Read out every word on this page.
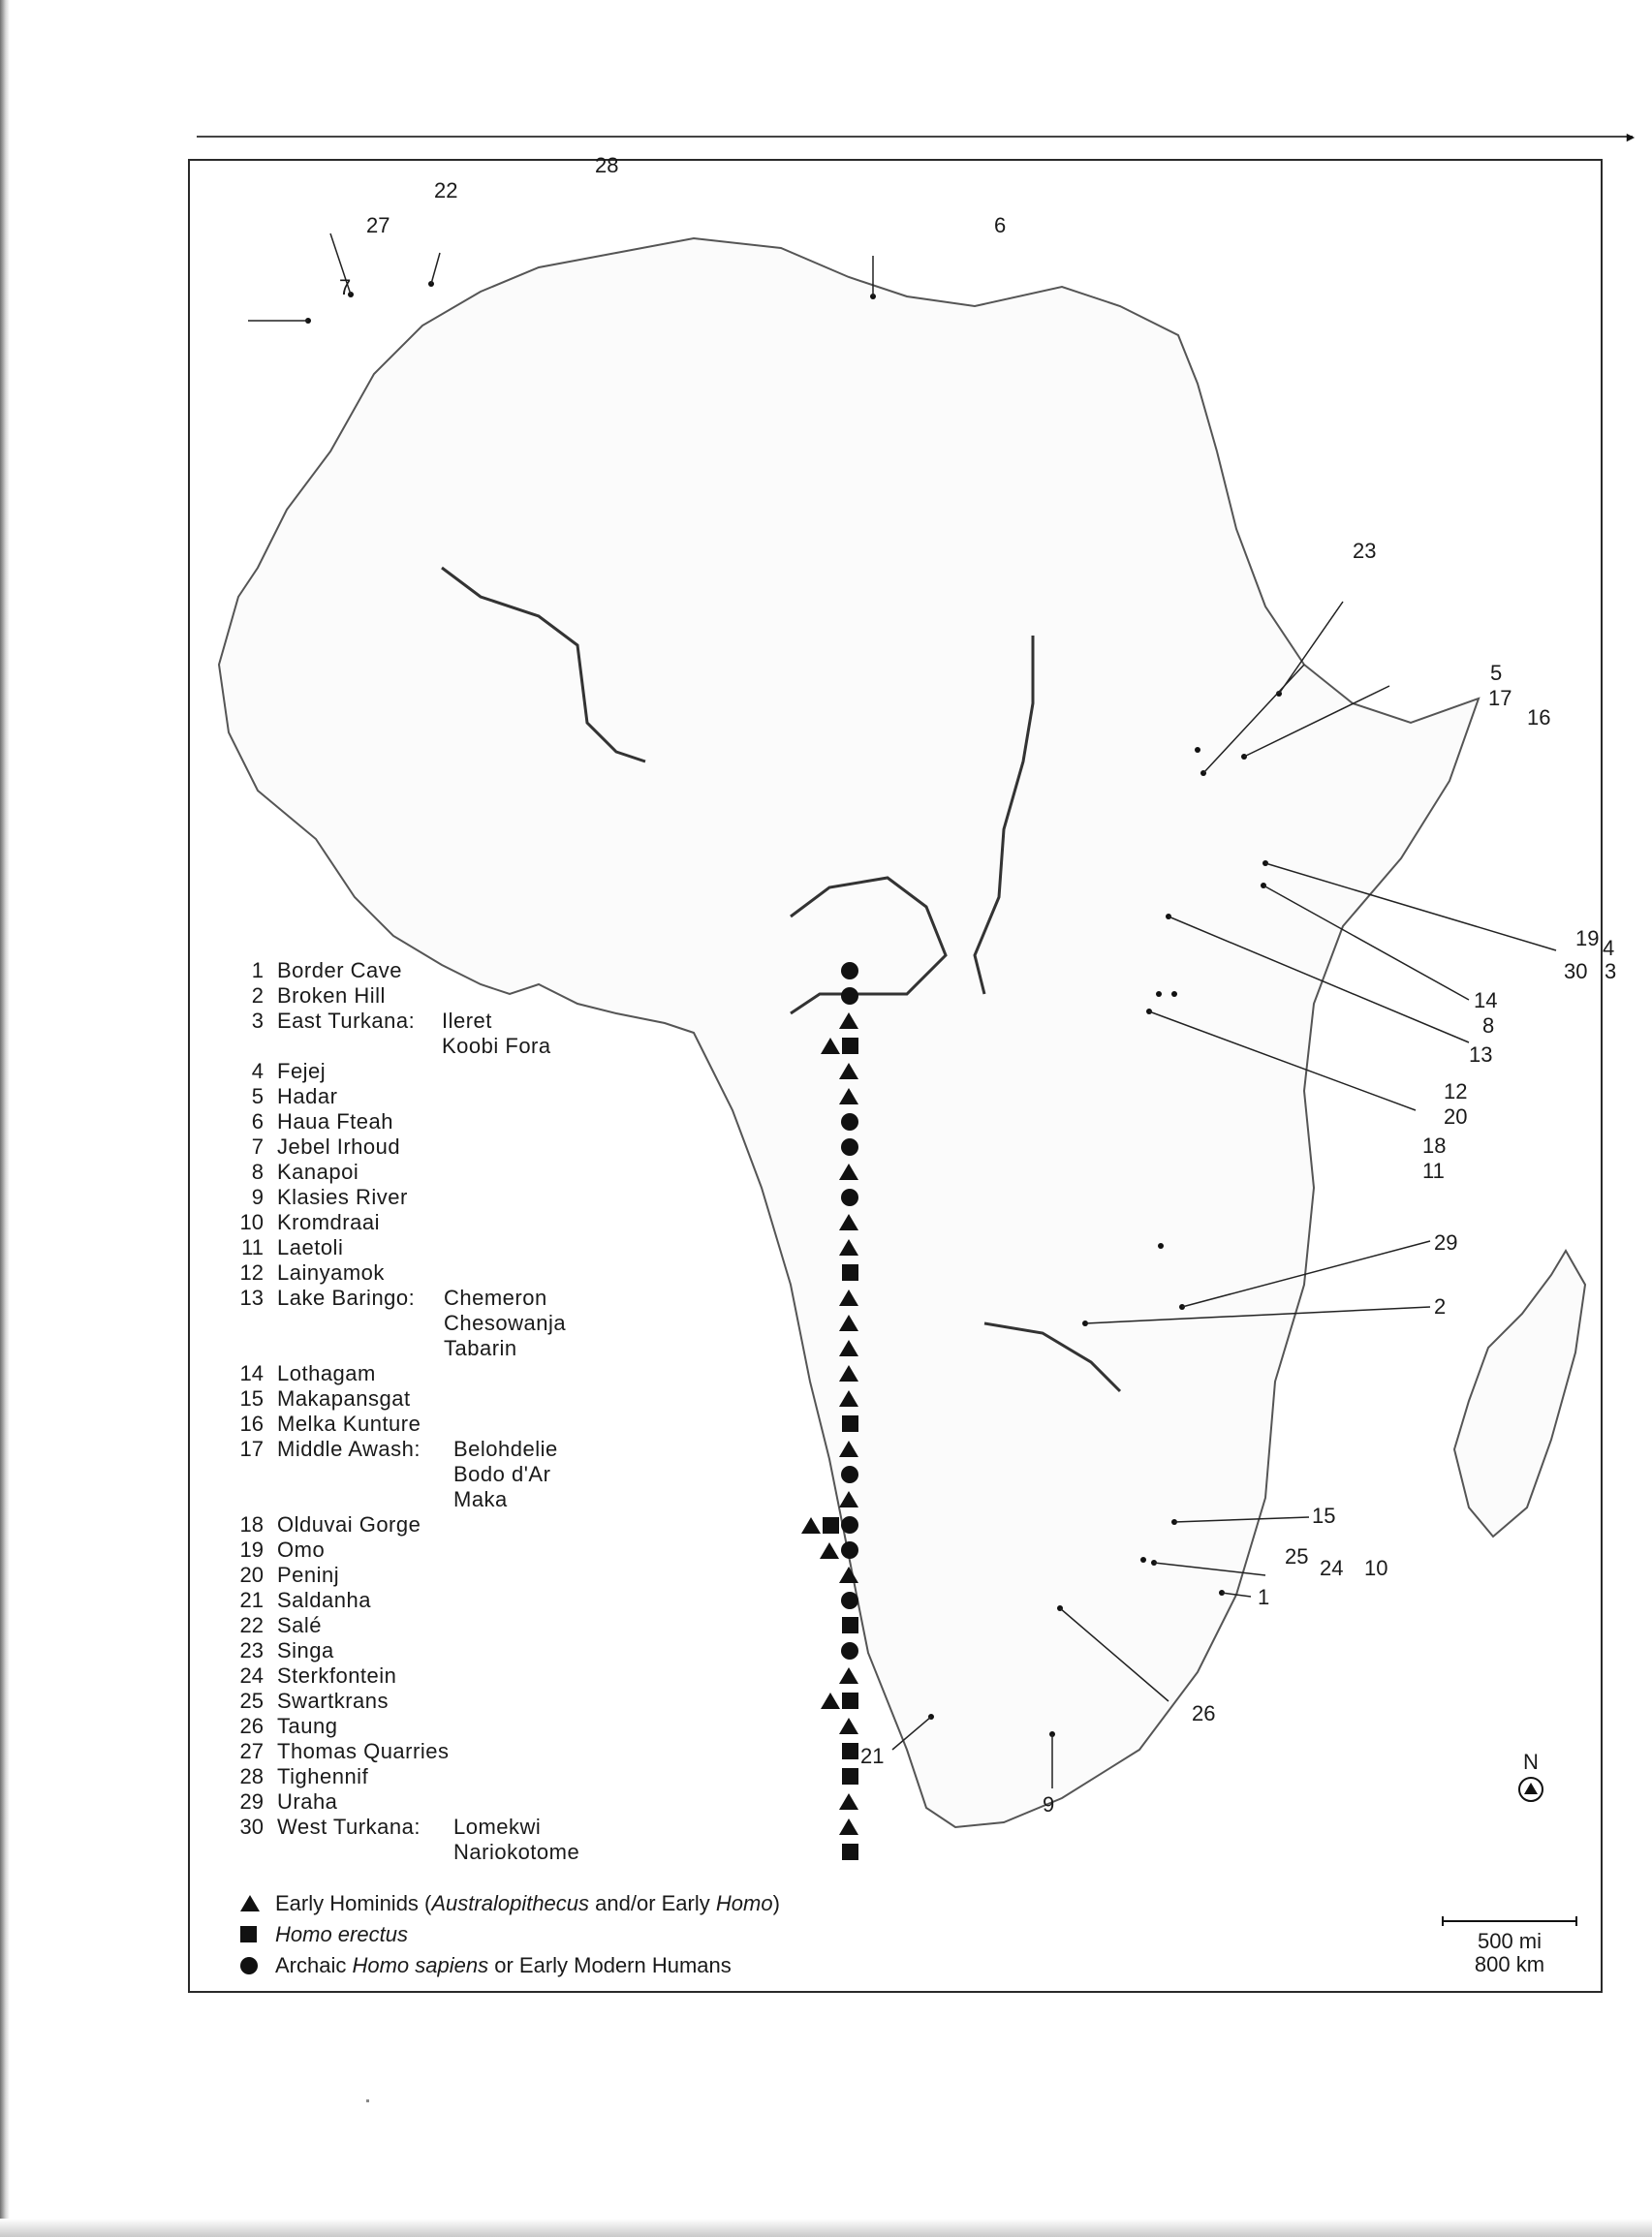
►
28
22
27
7
6
23
5
17
16
19 4
30 3
14
8
13
12
20
18
11
29
2
15
25 24 10
1
26
21
9
1 Border Cave
2 Broken Hill
3 East Turkana: Ileret
Koobi Fora
4 Fejej
5 Hadar
6 Haua Fteah
7 Jebel Irhoud
8 Kanapoi
9 Klasies River
10 Kromdraai
11 Laetoli
12 Lainyamok
13 Lake Baringo: Chemeron
Chesowanja
Tabarin
14 Lothagam
15 Makapansgat
16 Melka Kunture
17 Middle Awash: Belohdelie
Bodo d'Ar
Maka
18 Olduvai Gorge
19 Omo
20 Peninj
21 Saldanha
22 Salé
23 Singa
24 Sterkfontein
25 Swartkrans
26 Taung
27 Thomas Quarries
28 Tighennif
29 Uraha
30 West Turkana: Lomekwi
Nariokotome
Early Hominids (Australopithecus and/or Early Homo)
Homo erectus
Archaic Homo sapiens or Early Modern Humans
N
500 mi
800 km
